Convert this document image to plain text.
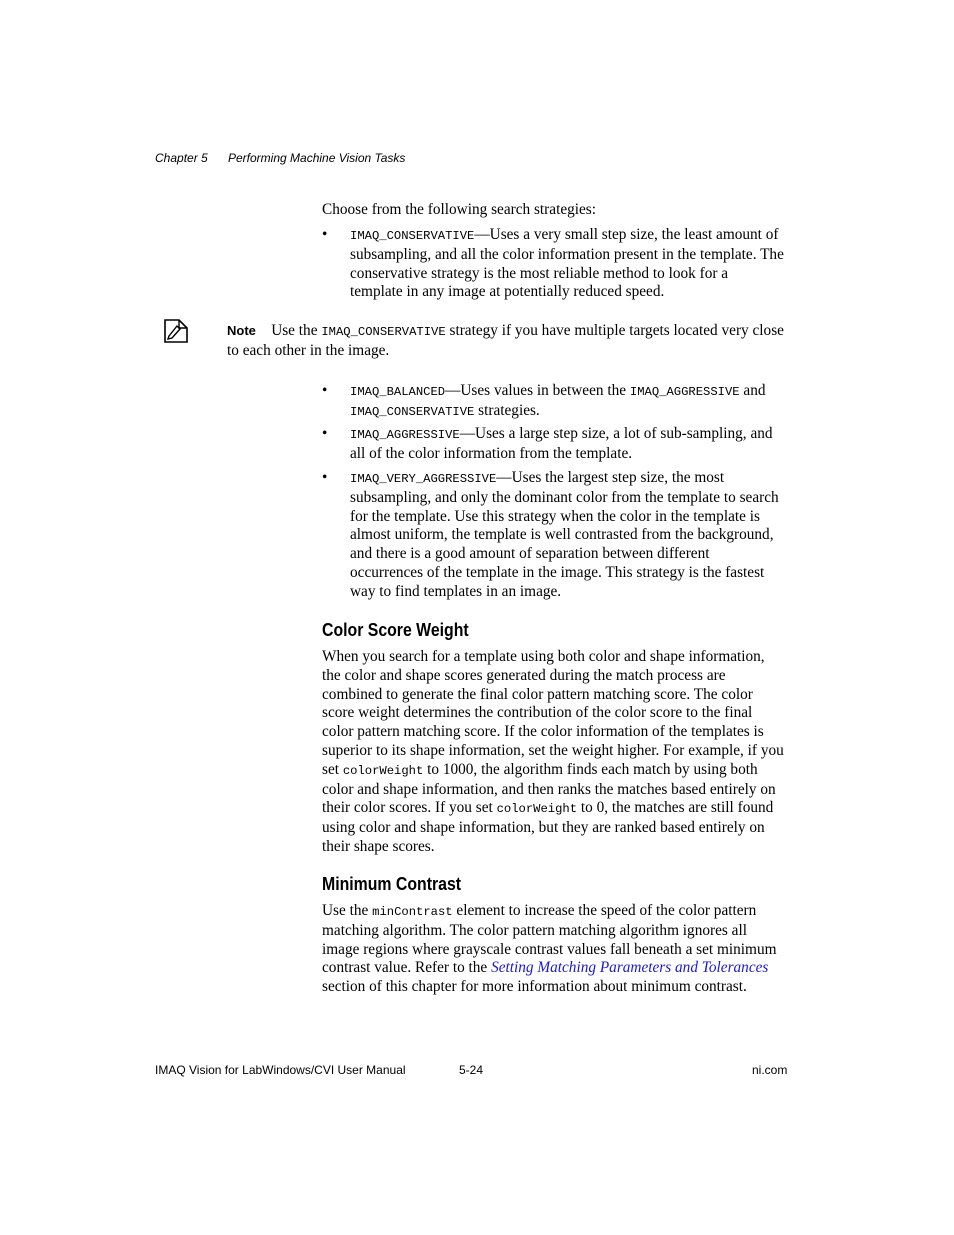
Chapter 5 Performing Machine Vision Tasks
Choose from the following search strategies:
• IMAQ_CONSERVATIVE—Uses a very small step size, the least amount of subsampling, and all the color information present in the template. The conservative strategy is the most reliable method to look for a template in any image at potentially reduced speed.
Note Use the IMAQ_CONSERVATIVE strategy if you have multiple targets located very close to each other in the image.
• IMAQ_BALANCED—Uses values in between the IMAQ_AGGRESSIVE and IMAQ_CONSERVATIVE strategies.
• IMAQ_AGGRESSIVE—Uses a large step size, a lot of sub-sampling, and all of the color information from the template.
• IMAQ_VERY_AGGRESSIVE—Uses the largest step size, the most subsampling, and only the dominant color from the template to search for the template. Use this strategy when the color in the template is almost uniform, the template is well contrasted from the background, and there is a good amount of separation between different occurrences of the template in the image. This strategy is the fastest way to find templates in an image.
Color Score Weight
When you search for a template using both color and shape information, the color and shape scores generated during the match process are combined to generate the final color pattern matching score. The color score weight determines the contribution of the color score to the final color pattern matching score. If the color information of the templates is superior to its shape information, set the weight higher. For example, if you set colorWeight to 1000, the algorithm finds each match by using both color and shape information, and then ranks the matches based entirely on their color scores. If you set colorWeight to 0, the matches are still found using color and shape information, but they are ranked based entirely on their shape scores.
Minimum Contrast
Use the minContrast element to increase the speed of the color pattern matching algorithm. The color pattern matching algorithm ignores all image regions where grayscale contrast values fall beneath a set minimum contrast value. Refer to the Setting Matching Parameters and Tolerances section of this chapter for more information about minimum contrast.
IMAQ Vision for LabWindows/CVI User Manual	5-24	ni.com
